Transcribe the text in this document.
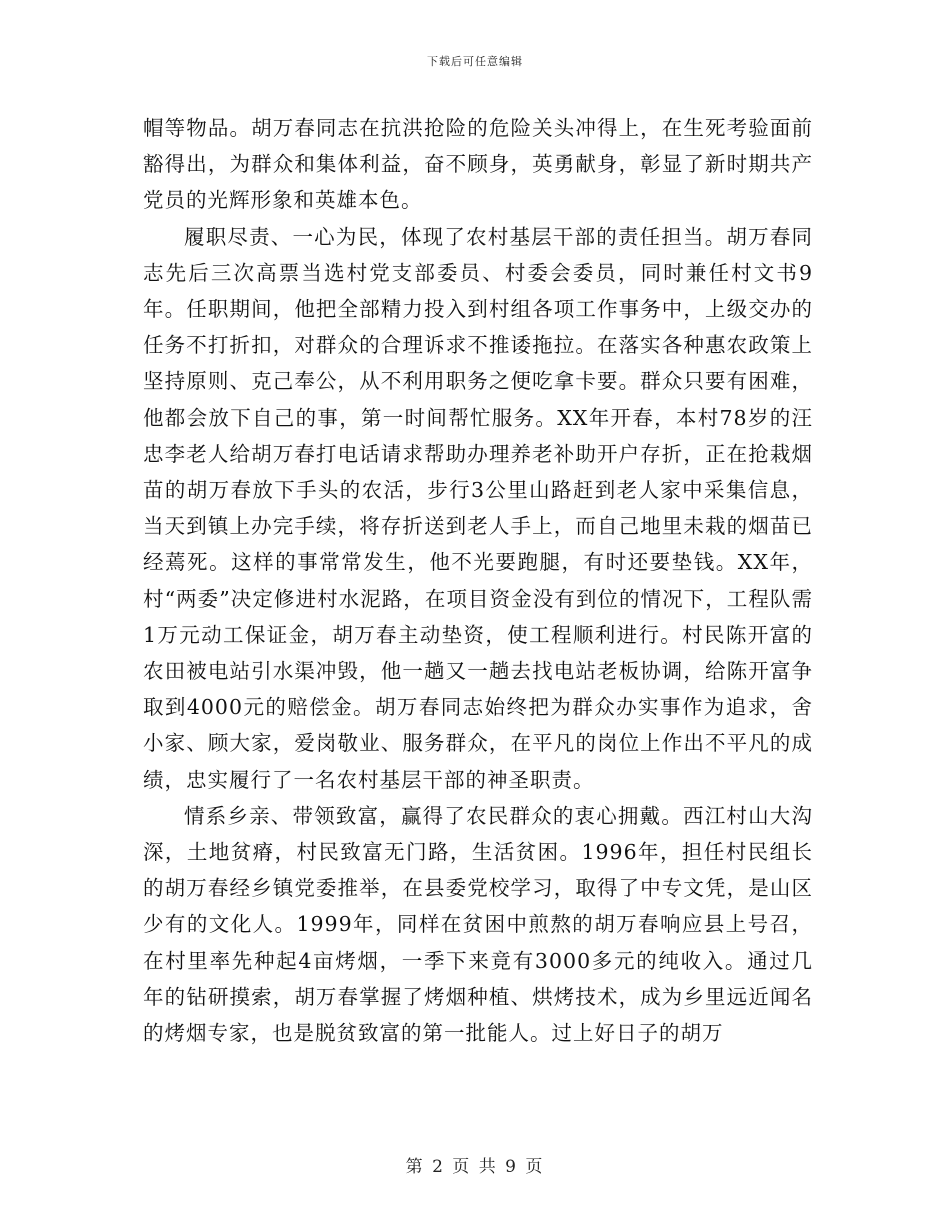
下载后可任意编辑

帽等物品。胡万春同志在抗洪抢险的危险关头冲得上，在生死考验面前豁得出，为群众和集体利益，奋不顾身，英勇献身，彰显了新时期共产党员的光辉形象和英雄本色。

履职尽责、一心为民，体现了农村基层干部的责任担当。胡万春同志先后三次高票当选村党支部委员、村委会委员，同时兼任村文书9年。任职期间，他把全部精力投入到村组各项工作事务中，上级交办的任务不打折扣，对群众的合理诉求不推诿拖拉。在落实各种惠农政策上坚持原则、克己奉公，从不利用职务之便吃拿卡要。群众只要有困难，他都会放下自己的事，第一时间帮忙服务。XX年开春，本村78岁的汪忠李老人给胡万春打电话请求帮助办理养老补助开户存折，正在抢栽烟苗的胡万春放下手头的农活，步行3公里山路赶到老人家中采集信息，当天到镇上办完手续，将存折送到老人手上，而自己地里未栽的烟苗已经蔫死。这样的事常常发生，他不光要跑腿，有时还要垫钱。XX年，村“两委”决定修进村水泥路，在项目资金没有到位的情况下，工程队需1万元动工保证金，胡万春主动垫资，使工程顺利进行。村民陈开富的农田被电站引水渠冲毁，他一趟又一趟去找电站老板协调，给陈开富争取到4000元的赔偿金。胡万春同志始终把为群众办实事作为追求，舍小家、顾大家，爱岗敬业、服务群众，在平凡的岗位上作出不平凡的成绩，忠实履行了一名农村基层干部的神圣职责。

情系乡亲、带领致富，赢得了农民群众的衷心拥戴。西江村山大沟深，土地贫瘠，村民致富无门路，生活贫困。1996年，担任村民组长的胡万春经乡镇党委推举，在县委党校学习，取得了中专文凭，是山区少有的文化人。1999年，同样在贫困中煎熬的胡万春响应县上号召，在村里率先种起4亩烤烟，一季下来竟有3000多元的纯收入。通过几年的钻研摸索，胡万春掌握了烤烟种植、烘烤技术，成为乡里远近闻名的烤烟专家，也是脱贫致富的第一批能人。过上好日子的胡万

第 2 页 共 9 页
